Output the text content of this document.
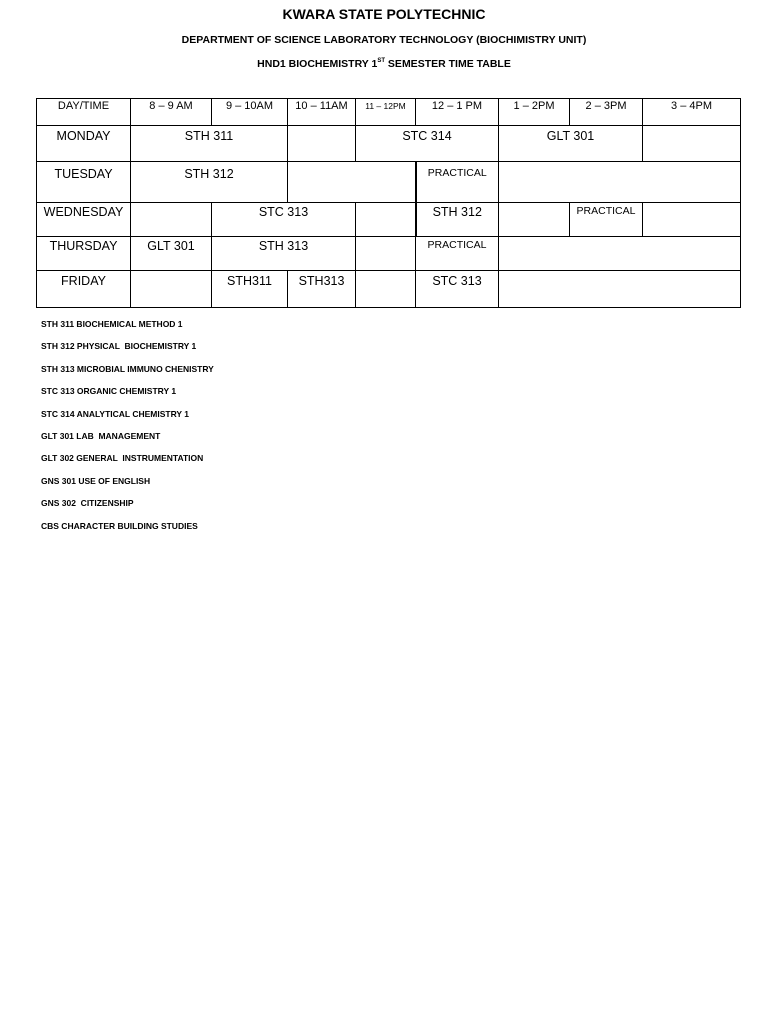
KWARA STATE POLYTECHNIC
DEPARTMENT OF SCIENCE LABORATORY TECHNOLOGY (BIOCHIMISTRY UNIT)
HND1 BIOCHEMISTRY 1ST SEMESTER TIME TABLE
DAY/TIME	8 – 9 AM	9 – 10AM	10 – 11AM	11 – 12PM	12 – 1 PM	1 – 2PM	2 – 3PM	3 – 4PM
MONDAY	STH 311			STC 314		GLT 301		
TUESDAY	STH 312				PRACTICAL			
WEDNESDAY		STC 313			STH 312		PRACTICAL	
THURSDAY	GLT 301	STH 313			PRACTICAL			
FRIDAY		STH311	STH313		STC 313			
STH 311 BIOCHEMICAL METHOD 1
STH 312 PHYSICAL  BIOCHEMISTRY 1
STH 313 MICROBIAL IMMUNO CHENISTRY
STC 313 ORGANIC CHEMISTRY 1
STC 314 ANALYTICAL CHEMISTRY 1
GLT 301 LAB  MANAGEMENT
GLT 302 GENERAL  INSTRUMENTATION
GNS 301 USE OF ENGLISH
GNS 302  CITIZENSHIP
CBS CHARACTER BUILDING STUDIES
